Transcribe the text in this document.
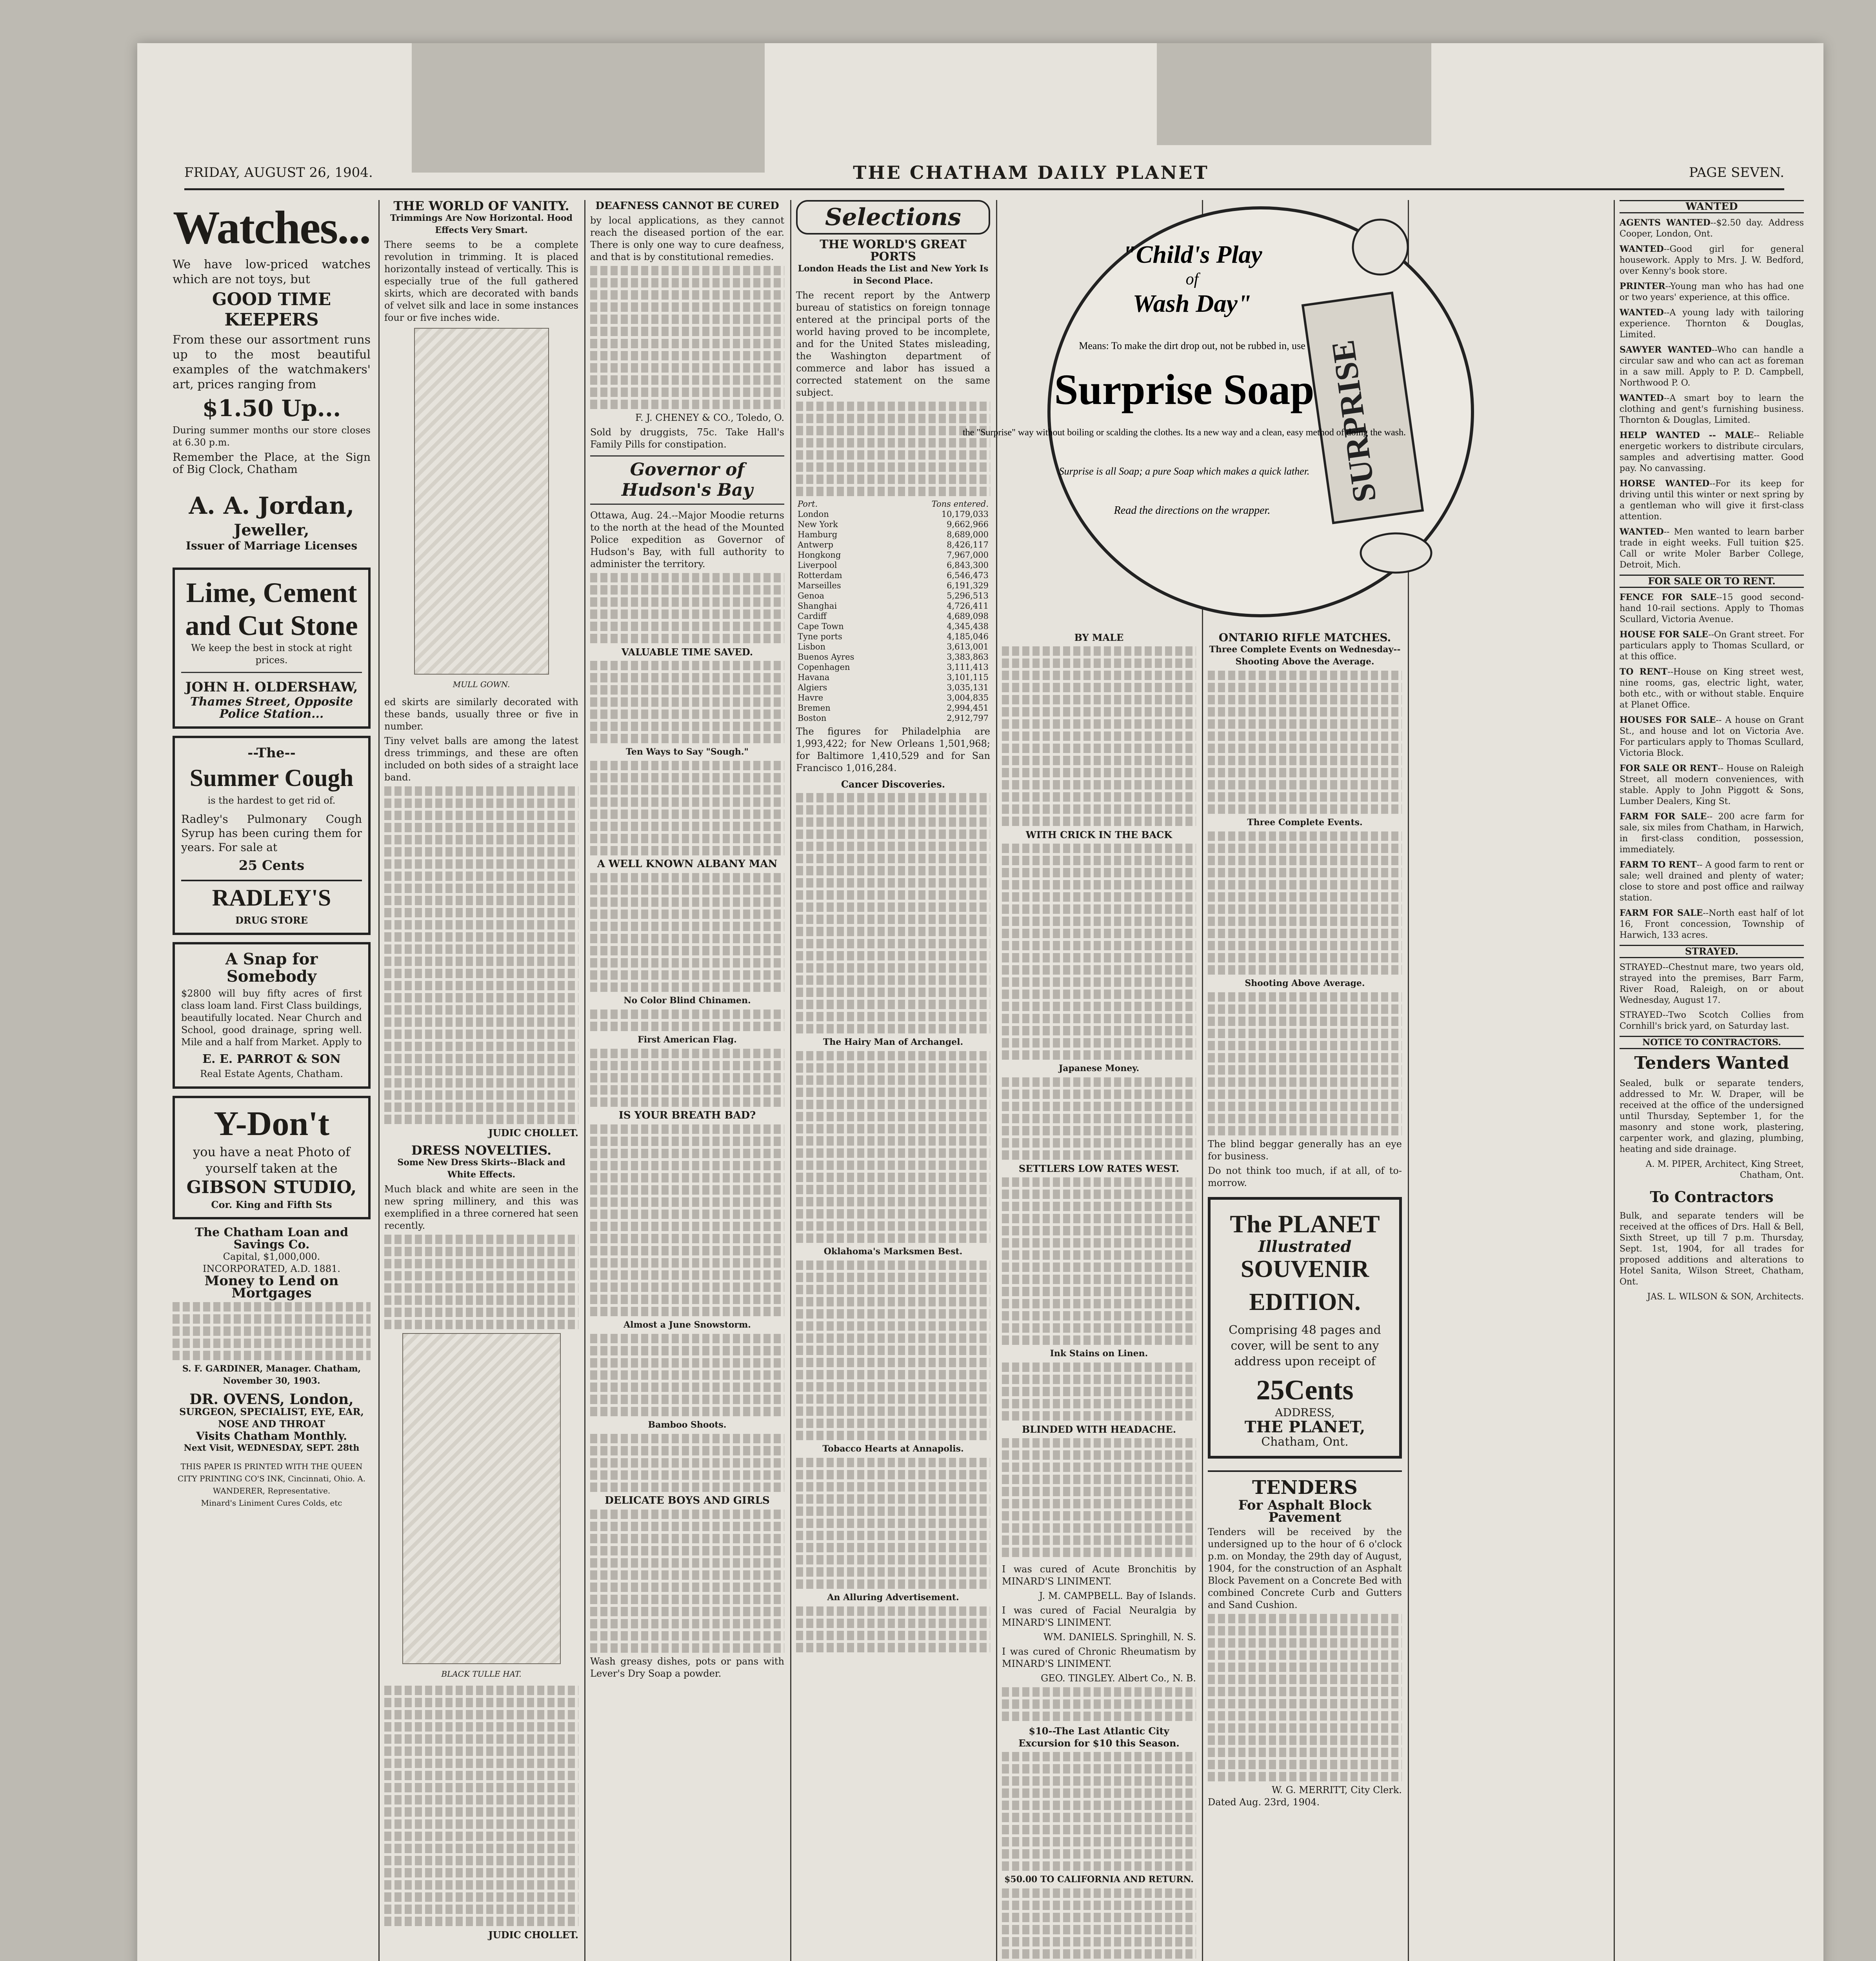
FRIDAY, AUGUST 26, 1904.	THE CHATHAM DAILY PLANET	PAGE SEVEN.
Watches...
We have low-priced watches which are not toys, but
GOOD TIME KEEPERS
From these our assortment runs up to the most beautiful examples of the watchmakers' art, prices ranging from
$1.50 Up...
During summer months our store closes at 6.30 p.m.
Remember the Place, at the Sign of Big Clock, Chatham
A. A. Jordan,
Jeweller,
Issuer of Marriage Licenses
Lime, Cement and Cut Stone
We keep the best in stock at right prices.
JOHN H. OLDERSHAW,
Thames Street, Opposite Police Station...
--The--
Summer Cough
is the hardest to get rid of.
Radley's Pulmonary Cough Syrup has been curing them for years. For sale at
25 Cents
RADLEY'S
DRUG STORE
A Snap for Somebody
$2800 will buy fifty acres of first class loam land. First Class buildings, beautifully located. Near Church and School, good drainage, spring well. Mile and a half from Market. Apply to
E. E. PARROT & SON
Real Estate Agents, Chatham.
Y-Don't
you have a neat Photo of yourself taken at the
GIBSON STUDIO,
Cor. King and Fifth Sts
The Chatham Loan and Savings Co.
Capital, $1,000,000.
INCORPORATED, A.D. 1881.
Money to Lend on Mortgages
S. F. GARDINER, Manager. Chatham, November 30, 1903.
DR. OVENS, London,
SURGEON, SPECIALIST, EYE, EAR, NOSE AND THROAT
Visits Chatham Monthly.
Next Visit, WEDNESDAY, SEPT. 28th
THIS PAPER IS PRINTED WITH THE QUEEN CITY PRINTING CO'S INK, Cincinnati, Ohio. A. WANDERER, Representative.
Minard's Liniment Cures Colds, etc
THE WORLD OF VANITY.
Trimmings Are Now Horizontal. Hood Effects Very Smart.
There seems to be a complete revolution in trimming. It is placed horizontally instead of vertically. This is especially true of the full gathered skirts, which are decorated with bands of velvet silk and lace in some instances four or five inches wide.
MULL GOWN.
ed skirts are similarly decorated with these bands, usually three or five in number.
Tiny velvet balls are among the latest dress trimmings, and these are often included on both sides of a straight lace band.
JUDIC CHOLLET.
DRESS NOVELTIES.
Some New Dress Skirts--Black and White Effects.
Much black and white are seen in the new spring millinery, and this was exemplified in a three cornered hat seen recently.
BLACK TULLE HAT.
JUDIC CHOLLET.
DEAFNESS CANNOT BE CURED
by local applications, as they cannot reach the diseased portion of the ear. There is only one way to cure deafness, and that is by constitutional remedies.
F. J. CHENEY & CO., Toledo, O.
Sold by druggists, 75c. Take Hall's Family Pills for constipation.
Governor of Hudson's Bay
Ottawa, Aug. 24.--Major Moodie returns to the north at the head of the Mounted Police expedition as Governor of Hudson's Bay, with full authority to administer the territory.
VALUABLE TIME SAVED.
Ten Ways to Say "Sough."
A WELL KNOWN ALBANY MAN
No Color Blind Chinamen.
First American Flag.
IS YOUR BREATH BAD?
Almost a June Snowstorm.
Bamboo Shoots.
DELICATE BOYS AND GIRLS
Wash greasy dishes, pots or pans with Lever's Dry Soap a powder.
Selections
THE WORLD'S GREAT PORTS
London Heads the List and New York Is in Second Place.
The recent report by the Antwerp bureau of statistics on foreign tonnage entered at the principal ports of the world having proved to be incomplete, and for the United States misleading, the Washington department of commerce and labor has issued a corrected statement on the same subject.
Port.	Tons entered.
London	10,179,033
New York	9,662,966
Hamburg	8,689,000
Antwerp	8,426,117
Hongkong	7,967,000
Liverpool	6,843,300
Rotterdam	6,546,473
Marseilles	6,191,329
Genoa	5,296,513
Shanghai	4,726,411
Cardiff	4,689,098
Cape Town	4,345,438
Tyne ports	4,185,046
Lisbon	3,613,001
Buenos Ayres	3,383,863
Copenhagen	3,111,413
Havana	3,101,115
Algiers	3,035,131
Havre	3,004,835
Bremen	2,994,451
Boston	2,912,797
The figures for Philadelphia are 1,993,422; for New Orleans 1,501,968; for Baltimore 1,410,529 and for San Francisco 1,016,284.
Cancer Discoveries.
The Hairy Man of Archangel.
Oklahoma's Marksmen Best.
Tobacco Hearts at Annapolis.
An Alluring Advertisement.
SURPRISE
"Child's Play
of
Wash Day"
Means: To make the dirt drop out, not be rubbed in, use
Surprise Soap
the "Surprise" way without boiling or scalding the clothes. Its a new way and a clean, easy method of doing the wash.
Surprise is all Soap; a pure Soap which makes a quick lather.
Read the directions on the wrapper.
BY MALE
WITH CRICK IN THE BACK
Japanese Money.
SETTLERS LOW RATES WEST.
Ink Stains on Linen.
BLINDED WITH HEADACHE.
I was cured of Acute Bronchitis by MINARD'S LINIMENT.
J. M. CAMPBELL. Bay of Islands.
I was cured of Facial Neuralgia by MINARD'S LINIMENT.
WM. DANIELS. Springhill, N. S.
I was cured of Chronic Rheumatism by MINARD'S LINIMENT.
GEO. TINGLEY. Albert Co., N. B.
$10--The Last Atlantic City Excursion for $10 this Season.
$50.00 TO CALIFORNIA AND RETURN.
ONTARIO RIFLE MATCHES.
Three Complete Events on Wednesday--Shooting Above the Average.
Three Complete Events.
Shooting Above Average.
The blind beggar generally has an eye for business.
Do not think too much, if at all, of to-morrow.
The PLANET
Illustrated
SOUVENIR
EDITION.
Comprising 48 pages and cover, will be sent to any address upon receipt of
25Cents
ADDRESS,
THE PLANET,
Chatham, Ont.
TENDERS
For Asphalt Block Pavement
Tenders will be received by the undersigned up to the hour of 6 o'clock p.m. on Monday, the 29th day of August, 1904, for the construction of an Asphalt Block Pavement on a Concrete Bed with combined Concrete Curb and Gutters and Sand Cushion.
W. G. MERRITT, City Clerk.
Dated Aug. 23rd, 1904.
WANTED
AGENTS WANTED--$2.50 day. Address Cooper, London, Ont.
WANTED--Good girl for general housework. Apply to Mrs. J. W. Bedford, over Kenny's book store.
PRINTER--Young man who has had one or two years' experience, at this office.
WANTED--A young lady with tailoring experience. Thornton & Douglas, Limited.
SAWYER WANTED--Who can handle a circular saw and who can act as foreman in a saw mill. Apply to P. D. Campbell, Northwood P. O.
WANTED--A smart boy to learn the clothing and gent's furnishing business. Thornton & Douglas, Limited.
HELP WANTED -- MALE-- Reliable energetic workers to distribute circulars, samples and advertising matter. Good pay. No canvassing.
HORSE WANTED--For its keep for driving until this winter or next spring by a gentleman who will give it first-class attention.
WANTED-- Men wanted to learn barber trade in eight weeks. Full tuition $25. Call or write Moler Barber College, Detroit, Mich.
FOR SALE OR TO RENT.
FENCE FOR SALE--15 good second-hand 10-rail sections. Apply to Thomas Scullard, Victoria Avenue.
HOUSE FOR SALE--On Grant street. For particulars apply to Thomas Scullard, or at this office.
TO RENT--House on King street west, nine rooms, gas, electric light, water, both etc., with or without stable. Enquire at Planet Office.
HOUSES FOR SALE-- A house on Grant St., and house and lot on Victoria Ave. For particulars apply to Thomas Scullard, Victoria Block.
FOR SALE OR RENT-- House on Raleigh Street, all modern conveniences, with stable. Apply to John Piggott & Sons, Lumber Dealers, King St.
FARM FOR SALE-- 200 acre farm for sale, six miles from Chatham, in Harwich, in first-class condition, possession, immediately.
FARM TO RENT-- A good farm to rent or sale; well drained and plenty of water; close to store and post office and railway station.
FARM FOR SALE--North east half of lot 16, Front concession, Township of Harwich, 133 acres.
STRAYED.
STRAYED--Chestnut mare, two years old, strayed into the premises, Barr Farm, River Road, Raleigh, on or about Wednesday, August 17.
STRAYED--Two Scotch Collies from Cornhill's brick yard, on Saturday last.
NOTICE TO CONTRACTORS.
Tenders Wanted
Sealed, bulk or separate tenders, addressed to Mr. W. Draper, will be received at the office of the undersigned until Thursday, September 1, for the masonry and stone work, plastering, carpenter work, and glazing, plumbing, heating and side drainage.
A. M. PIPER, Architect, King Street, Chatham, Ont.
To Contractors
Bulk, and separate tenders will be received at the offices of Drs. Hall & Bell, Sixth Street, up till 7 p.m. Thursday, Sept. 1st, 1904, for all trades for proposed additions and alterations to Hotel Sanita, Wilson Street, Chatham, Ont.
JAS. L. WILSON & SON, Architects.
